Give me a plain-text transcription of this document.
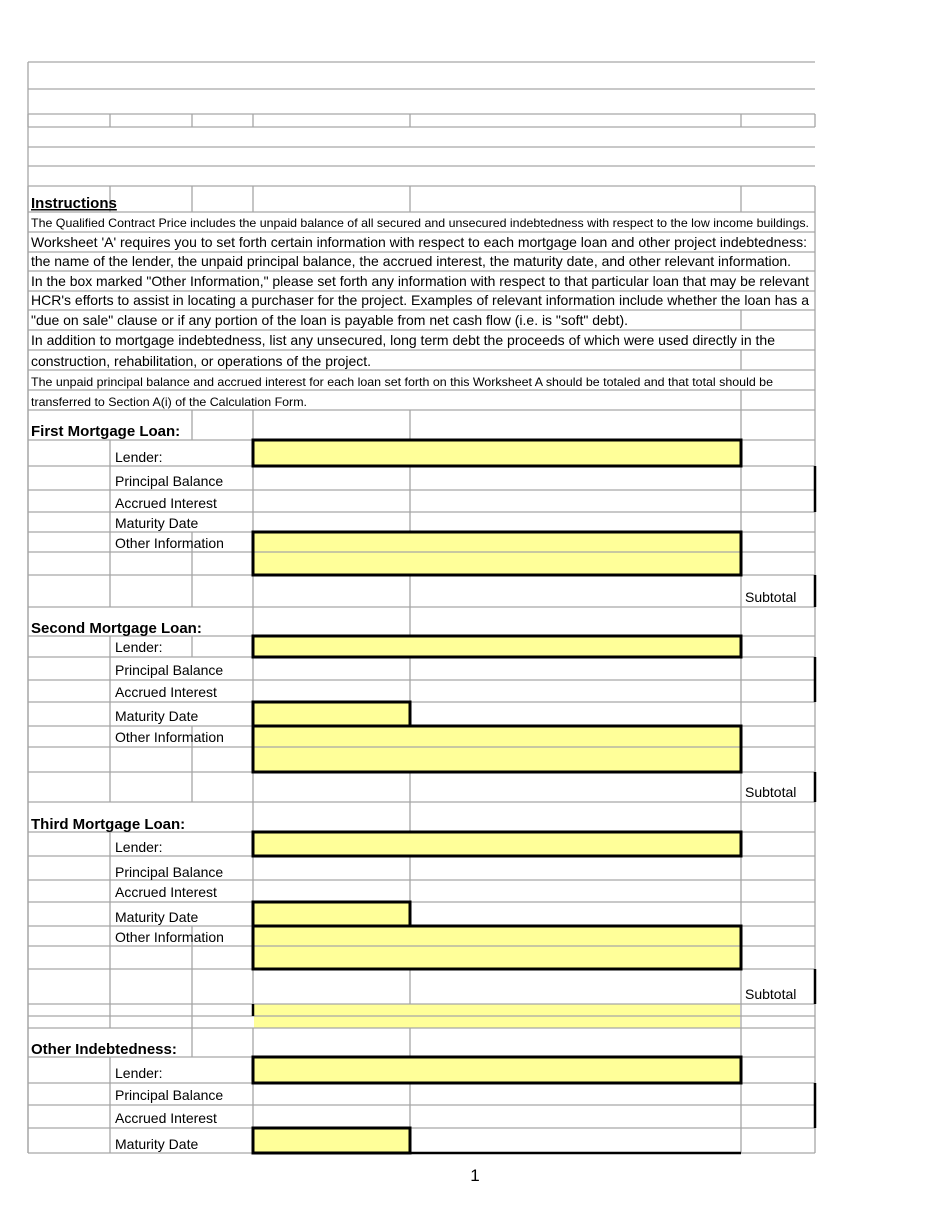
Instructions
The Qualified Contract Price includes the unpaid balance of all secured and unsecured indebtedness with respect to the low income buildings.
Worksheet 'A' requires you to set forth certain information with respect to each mortgage loan and other project indebtedness:
the name of the lender, the unpaid principal balance, the accrued interest, the maturity date, and other relevant information.
In the box marked "Other Information," please set forth any information with respect to that particular loan that may be relevant
HCR's efforts to assist in locating a purchaser for the project. Examples of relevant information include whether the loan has a
"due on sale" clause or if any portion of the loan is payable from net cash flow (i.e. is "soft" debt).
In addition to mortgage indebtedness, list any unsecured, long term debt the proceeds of which were used directly in the
construction, rehabilitation, or operations of the project.
The unpaid principal balance and accrued interest for each loan set forth on this Worksheet A should be totaled and that total should be
transferred to Section A(i) of the Calculation Form.
First Mortgage Loan:
Lender:
Principal Balance
Accrued Interest
Maturity Date
Other Information
Subtotal
Second Mortgage Loan:
Lender:
Principal Balance
Accrued Interest
Maturity Date
Other Information
Subtotal
Third Mortgage Loan:
Lender:
Principal Balance
Accrued Interest
Maturity Date
Other Information
Subtotal
Other Indebtedness:
Lender:
Principal Balance
Accrued Interest
Maturity Date
1
